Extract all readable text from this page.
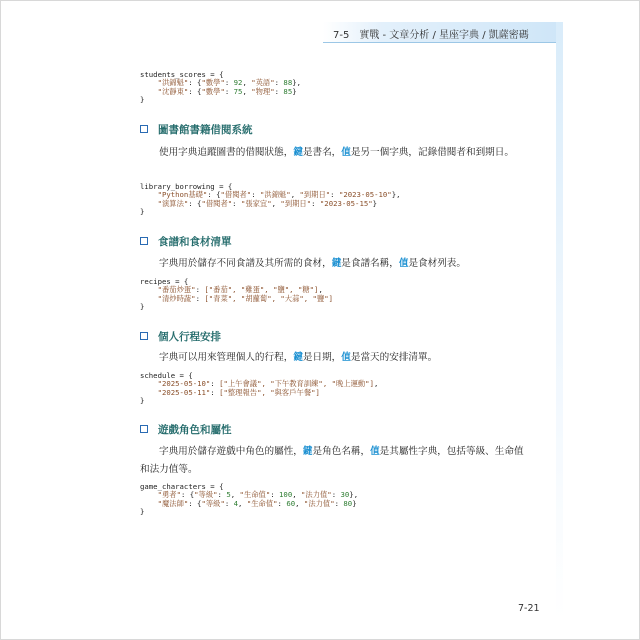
7-5　實戰 - 文章分析 / 星座字典 / 凱薩密碼
students_scores = {
"洪錦魁": {"數學": 92, "英語": 88},
"沈靜東": {"數學": 75, "物理": 85}
}
圖書館書籍借閱系統
使用字典追蹤圖書的借閱狀態，鍵是書名，值是另一個字典，記錄借閱者和到期日。
library_borrowing = {
"Python基礎": {"借閱者": "洪錦魁", "到期日": "2023-05-10"},
"演算法": {"借閱者": "張家宜", "到期日": "2023-05-15"}
}
食譜和食材清單
字典用於儲存不同食譜及其所需的食材，鍵是食譜名稱，值是食材列表。
recipes = {
"番茄炒蛋": ["番茄", "雞蛋", "鹽", "糖"],
"清炒時蔬": ["青菜", "胡蘿蔔", "大蒜", "鹽"]
}
個人行程安排
字典可以用來管理個人的行程，鍵是日期，值是當天的安排清單。
schedule = {
"2025-05-10": ["上午會議", "下午教育訓練", "晚上運動"],
"2025-05-11": ["整理報告", "與客戶午餐"]
}
遊戲角色和屬性
字典用於儲存遊戲中角色的屬性，鍵是角色名稱，值是其屬性字典，包括等級、生命值和法力值等。
game_characters = {
"勇者": {"等級": 5, "生命值": 100, "法力值": 30},
"魔法師": {"等級": 4, "生命值": 60, "法力值": 80}
}
7-21
